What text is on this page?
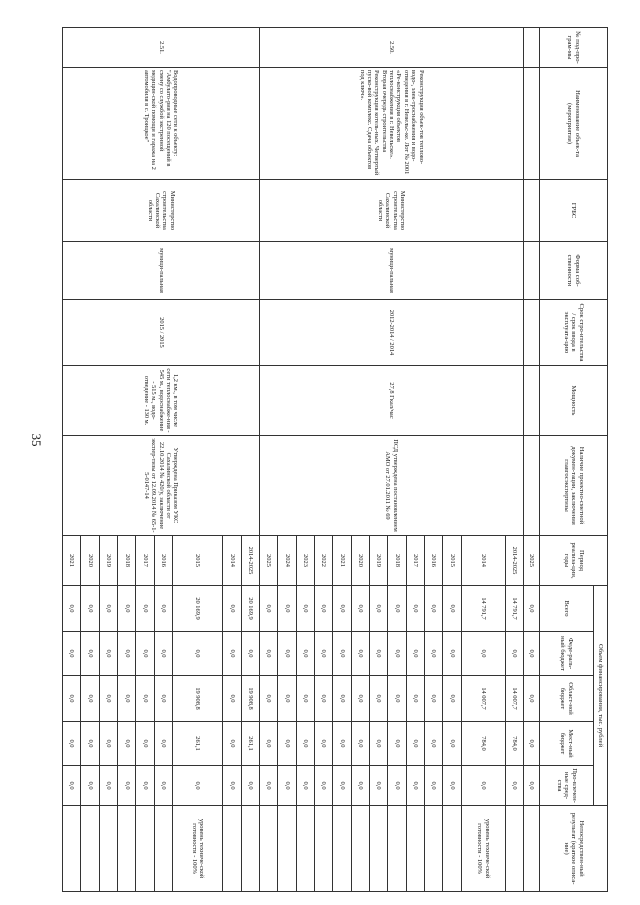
35
№ под-про-грам-мы	Наименование объек-та (мероприятия)	ГРБС	Форма соб-ственности	Срок стро-ительства / срок ввода в эксплуата-цию	Мощность	Наличие проектно-сметной докумен-тации, заключения главгосэкспертизы	Период реализа-ции, годы	Объем финансирования, тыс. рублей					Непосредствен-ный результат (краткое описа-ние)
								Всего	Феде-раль-ный бюджет	Област-ной бюджет	Мест-ный бюджет	Про-влечен-ные сред-ства	
							2025	0,0	0,0	0,0	0,0	0,0	
2.50.	Реконструкция объек-тов теплово-водо-, элек-троснабжения и водо-отведения в г. Невельс-ке. Лот № 2001 «Ре-конструкция объектов теплоснабжения в г. Невельске». Вторая очередь строительства Реконструкция котель-ных. Четвертый пуско-вой комплекс. Сдача объектов под ключ».	Министерство строительства Сахалинской области	муници-пальная	2012-2014 / 2014	27,8 Гкал/час	ПСД утверждена постановлением АМО от 27.01.2011 № 69	2014-2025	14 791,7	0,0	14 007,7	784,0	0,0	
							2014	14 791,7	0,0	14 007,7	784,0	0,0	уровень техниче-ской готовности - 100%
							2015	0,0	0,0	0,0	0,0	0,0	
							2016	0,0	0,0	0,0	0,0	0,0	
							2017	0,0	0,0	0,0	0,0	0,0	
							2018	0,0	0,0	0,0	0,0	0,0	
							2019	0,0	0,0	0,0	0,0	0,0	
							2020	0,0	0,0	0,0	0,0	0,0	
							2021	0,0	0,0	0,0	0,0	0,0	
							2022	0,0	0,0	0,0	0,0	0,0	
							2023	0,0	0,0	0,0	0,0	0,0	
							2024	0,0	0,0	0,0	0,0	0,0	
							2025	0,0	0,0	0,0	0,0	0,0	
2.51.	Водопроводные сети к объекту: "Амбулато-рия на 120 посещений в смену со службой экстренной медицин-ской помощи и гаража на 2 автомобиля в с. Троицкое"	Министерство строительства Сахалинской области	муници-пальная	2015 / 2015	1,2 км., в том числе сети теплоснабже-ния - 545 м., водоснабжение - 515 м., водо-отведение - 130 м.	Утверждена Приказом УКС Сахалинской области от 22.10.2014 № 420/у, заключение экспер-тизы от 12.09.2014 № 65-1-5-0147-14	2014-2025	20 169,9	0,0	19 908,8	261,1	0,0	
							2014	0,0	0,0	0,0	0,0	0,0	
							2015	20 169,9	0,0	19 908,8	261,1	0,0	уровень техниче-ской готовности - 100%
							2016	0,0	0,0	0,0	0,0	0,0	
							2017	0,0	0,0	0,0	0,0	0,0	
							2018	0,0	0,0	0,0	0,0	0,0	
							2019	0,0	0,0	0,0	0,0	0,0	
							2020	0,0	0,0	0,0	0,0	0,0	
							2021	0,0	0,0	0,0	0,0	0,0	
